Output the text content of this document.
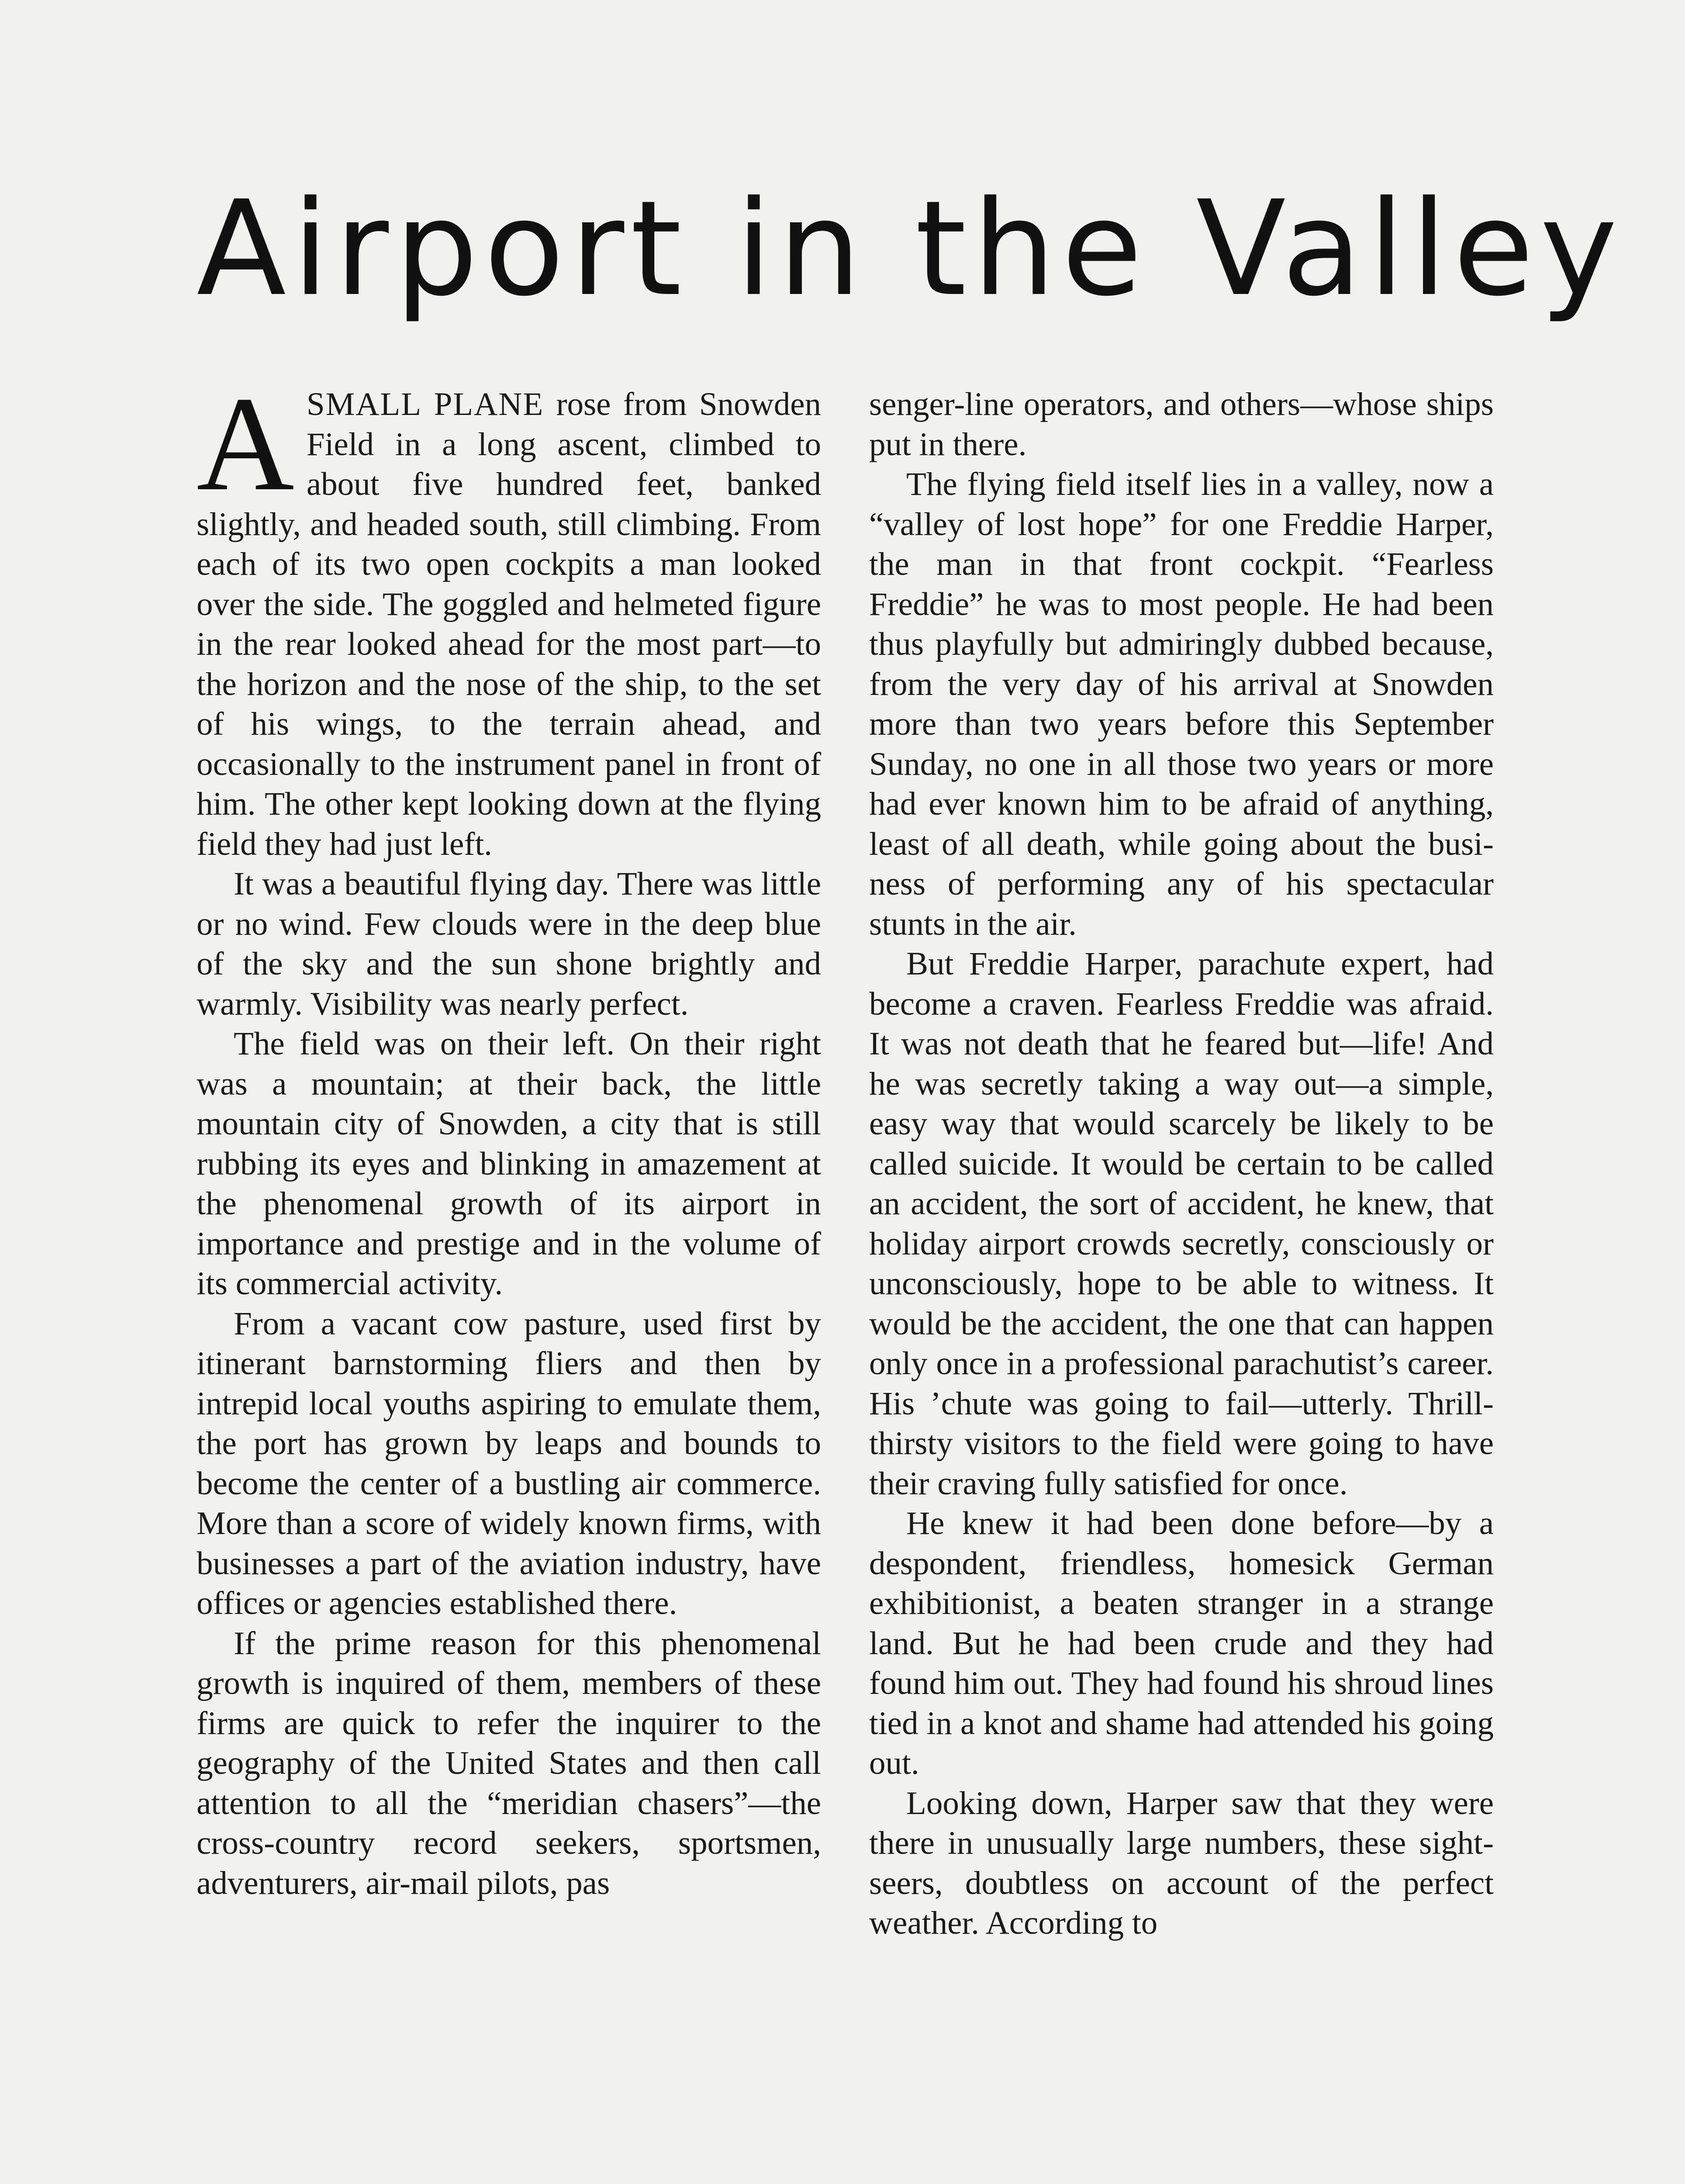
Airport in the Valley

ASMALL PLANE rose from Snowden Field in a long ascent, climbed to about five hundred feet, banked slightly, and headed south, still climbing. From each of its two open cockpits a man looked over the side. The goggled and helmeted figure in the rear looked ahead for the most part—to the horizon and the nose of the ship, to the set of his wings, to the terrain ahead, and occasionally to the instrument panel in front of him. The other kept looking down at the flying field they had just left.

It was a beautiful flying day. There was little or no wind. Few clouds were in the deep blue of the sky and the sun shone brightly and warmly. Visibility was nearly perfect.

The field was on their left. On their right was a mountain; at their back, the little mountain city of Snowden, a city that is still rubbing its eyes and blinking in amazement at the phenomenal growth of its airport in importance and prestige and in the volume of its commercial activity.

From a vacant cow pasture, used first by itinerant barnstorming fliers and then by intrepid local youths aspiring to emulate them, the port has grown by leaps and bounds to become the center of a bustling air commerce. More than a score of widely known firms, with businesses a part of the aviation industry, have offices or agencies established there.

If the prime reason for this phenomenal growth is inquired of them, members of these firms are quick to refer the inquirer to the geography of the United States and then call attention to all the “meridian chasers”—the cross-country record seekers, sportsmen, adventurers, air-mail pilots, pas

senger-line operators, and others—whose ships put in there.

The flying field itself lies in a valley, now a “valley of lost hope” for one Freddie Harper, the man in that front cockpit. “Fearless Freddie” he was to most people. He had been thus playfully but admiringly dubbed because, from the very day of his arrival at Snowden more than two years before this September Sunday, no one in all those two years or more had ever known him to be afraid of anything, least of all death, while going about the business of performing any of his spectacular stunts in the air.

But Freddie Harper, parachute expert, had become a craven. Fearless Freddie was afraid. It was not death that he feared but—life! And he was secretly taking a way out—a simple, easy way that would scarcely be likely to be called suicide. It would be certain to be called an accident, the sort of accident, he knew, that holiday airport crowds secretly, consciously or unconsciously, hope to be able to witness. It would be the accident, the one that can happen only once in a professional parachutist’s career. His ’chute was going to fail—utterly. Thrill-thirsty visitors to the field were going to have their craving fully satisfied for once.

He knew it had been done before—by a despondent, friendless, homesick German exhibitionist, a beaten stranger in a strange land. But he had been crude and they had found him out. They had found his shroud lines tied in a knot and shame had attended his going out.

Looking down, Harper saw that they were there in unusually large numbers, these sight-seers, doubtless on account of the perfect weather. According to
